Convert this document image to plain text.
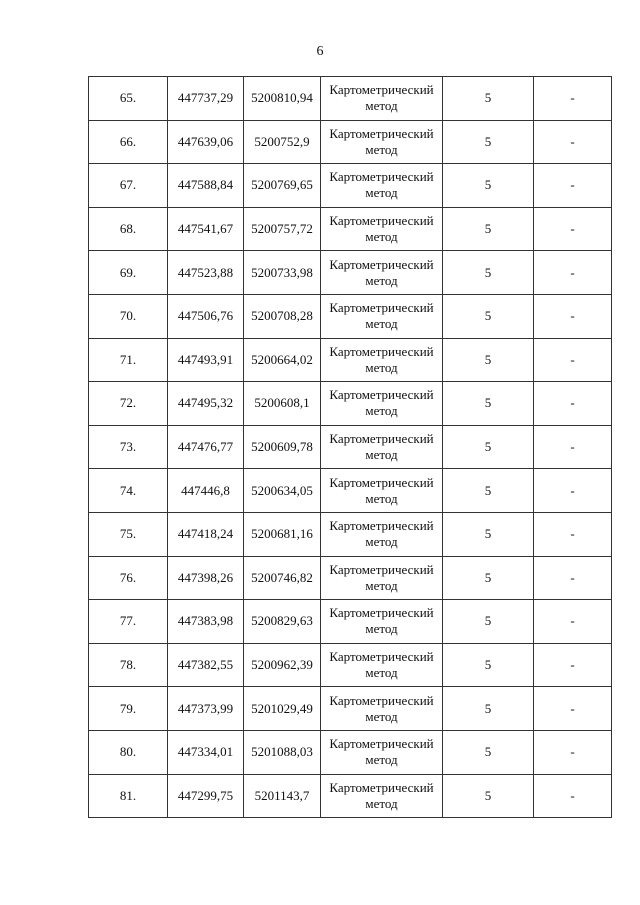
6
65.	447737,29	5200810,94	Картометрический метод	5	-
66.	447639,06	5200752,9	Картометрический метод	5	-
67.	447588,84	5200769,65	Картометрический метод	5	-
68.	447541,67	5200757,72	Картометрический метод	5	-
69.	447523,88	5200733,98	Картометрический метод	5	-
70.	447506,76	5200708,28	Картометрический метод	5	-
71.	447493,91	5200664,02	Картометрический метод	5	-
72.	447495,32	5200608,1	Картометрический метод	5	-
73.	447476,77	5200609,78	Картометрический метод	5	-
74.	447446,8	5200634,05	Картометрический метод	5	-
75.	447418,24	5200681,16	Картометрический метод	5	-
76.	447398,26	5200746,82	Картометрический метод	5	-
77.	447383,98	5200829,63	Картометрический метод	5	-
78.	447382,55	5200962,39	Картометрический метод	5	-
79.	447373,99	5201029,49	Картометрический метод	5	-
80.	447334,01	5201088,03	Картометрический метод	5	-
81.	447299,75	5201143,7	Картометрический метод	5	-
